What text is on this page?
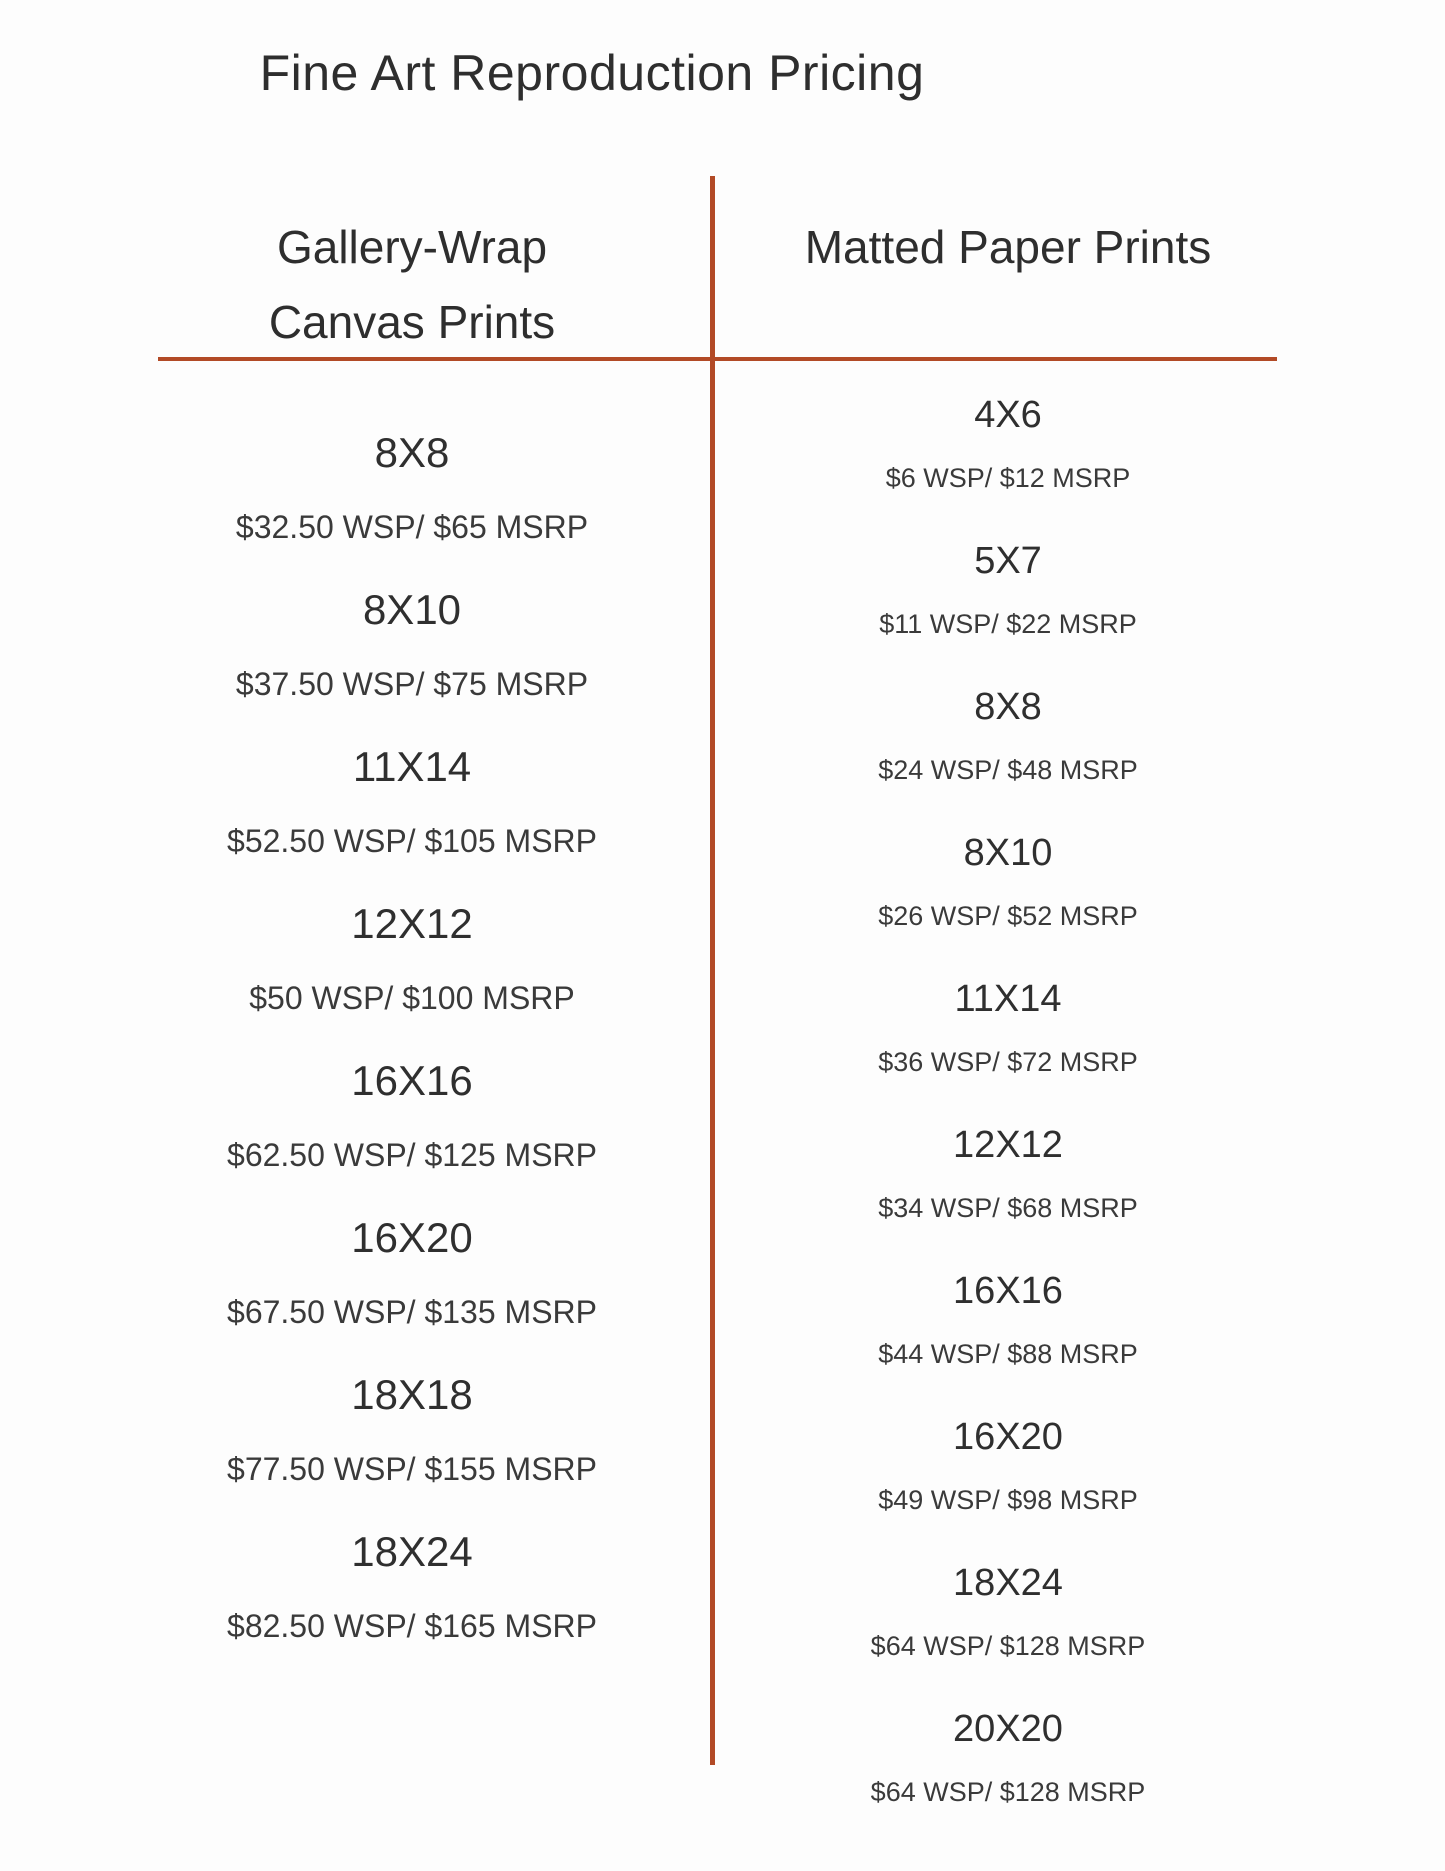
Fine Art Reproduction Pricing
Gallery-Wrap
Canvas Prints
8X8
$32.50 WSP/ $65 MSRP
8X10
$37.50 WSP/ $75 MSRP
11X14
$52.50 WSP/ $105 MSRP
12X12
$50 WSP/ $100 MSRP
16X16
$62.50 WSP/ $125 MSRP
16X20
$67.50 WSP/ $135 MSRP
18X18
$77.50 WSP/ $155 MSRP
18X24
$82.50 WSP/ $165 MSRP
Matted Paper Prints
4X6
$6 WSP/ $12 MSRP
5X7
$11 WSP/ $22 MSRP
8X8
$24 WSP/ $48 MSRP
8X10
$26 WSP/ $52 MSRP
11X14
$36 WSP/ $72 MSRP
12X12
$34 WSP/ $68 MSRP
16X16
$44 WSP/ $88 MSRP
16X20
$49 WSP/ $98 MSRP
18X24
$64 WSP/ $128 MSRP
20X20
$64 WSP/ $128 MSRP
